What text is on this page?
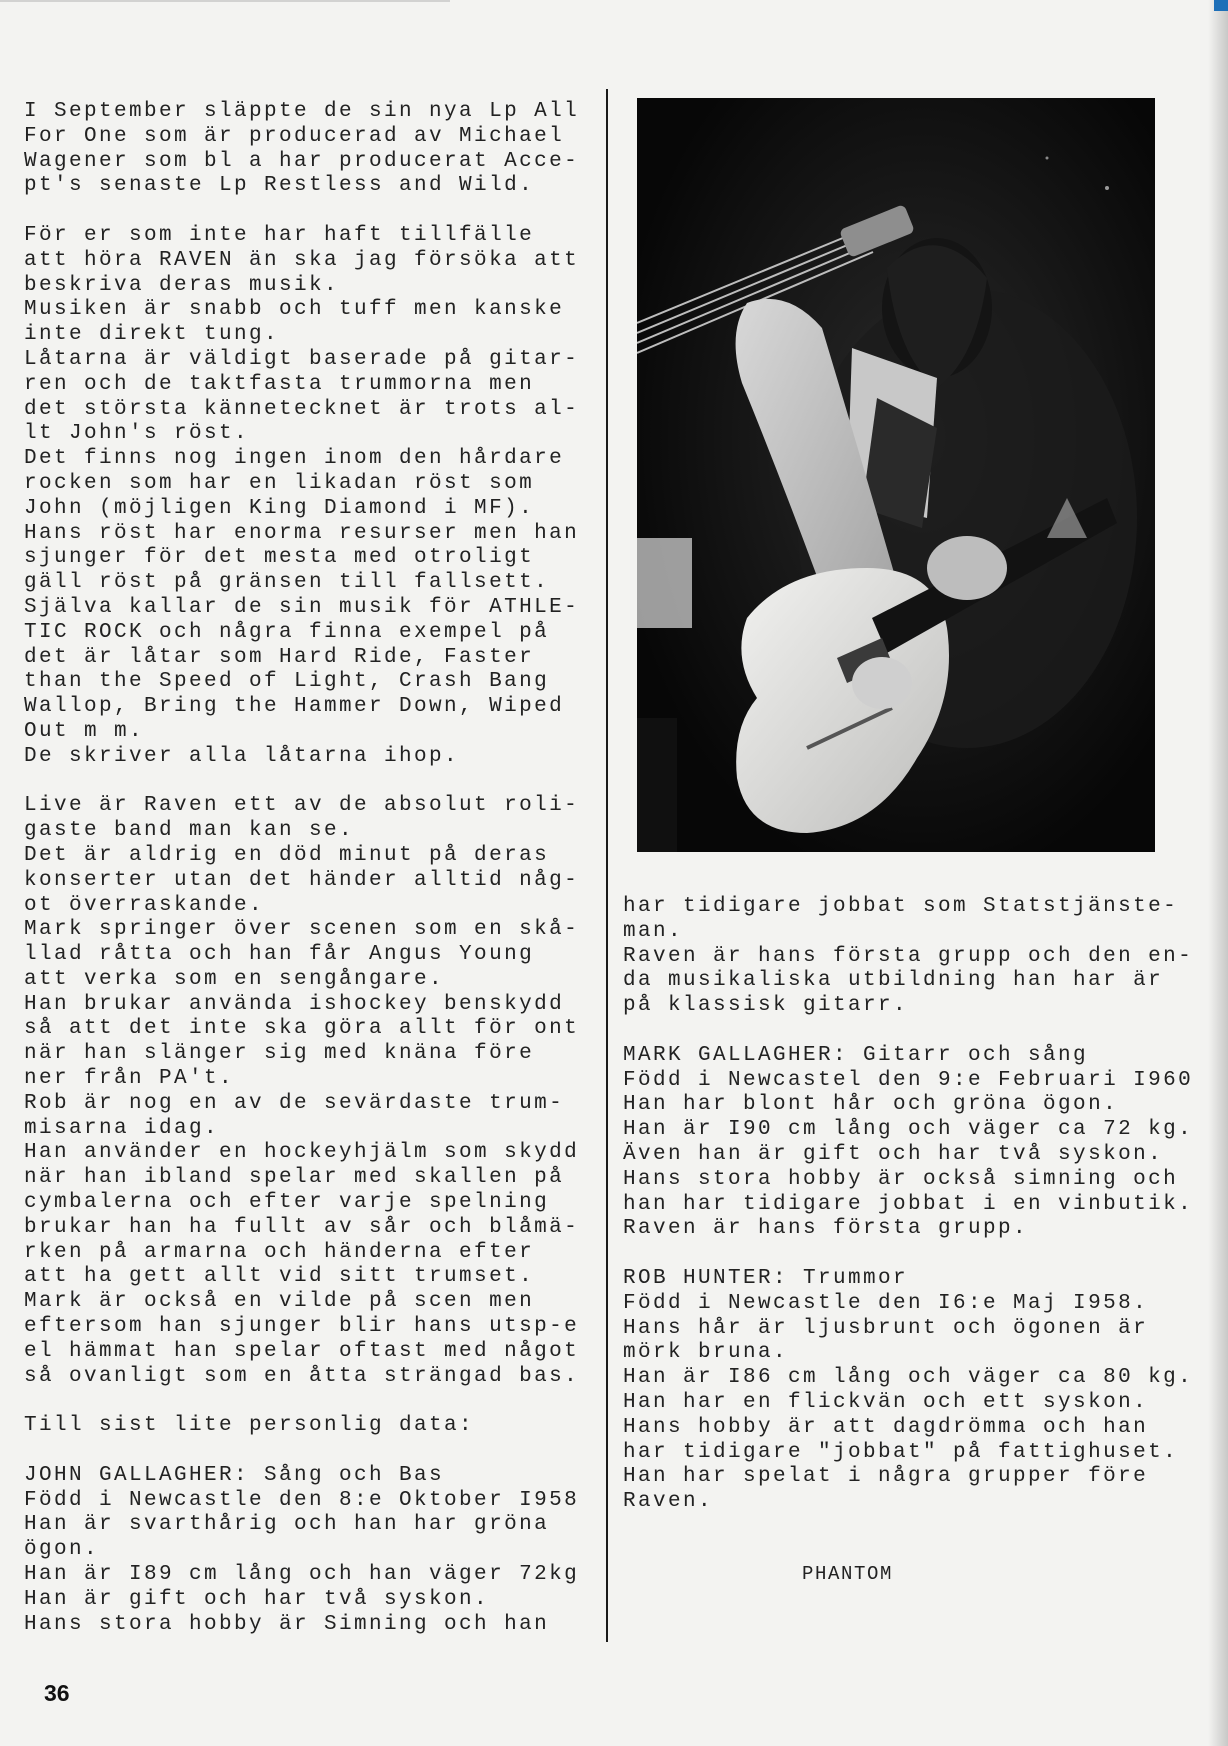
I September släppte de sin nya Lp All
For One som är producerad av Michael
Wagener som bl a har producerat Acce-
pt's senaste Lp Restless and Wild.
För er som inte har haft tillfälle
att höra RAVEN än ska jag försöka att
beskriva deras musik.
Musiken är snabb och tuff men kanske
inte direkt tung.
Låtarna är väldigt baserade på gitar-
ren och de taktfasta trummorna men
det största kännetecknet är trots al-
lt John's röst.
Det finns nog ingen inom den hårdare
rocken som har en likadan röst som
John (möjligen King Diamond i MF).
Hans röst har enorma resurser men han
sjunger för det mesta med otroligt
gäll röst på gränsen till fallsett.
Själva kallar de sin musik för ATHLE-
TIC ROCK och några finna exempel på
det är låtar som Hard Ride, Faster
than the Speed of Light, Crash Bang
Wallop, Bring the Hammer Down, Wiped
Out m m.
De skriver alla låtarna ihop.
Live är Raven ett av de absolut roli-
gaste band man kan se.
Det är aldrig en död minut på deras
konserter utan det händer alltid någ-
ot överraskande.
Mark springer över scenen som en skå-
llad råtta och han får Angus Young
att verka som en sengångare.
Han brukar använda ishockey benskydd
så att det inte ska göra allt för ont
när han slänger sig med knäna före
ner från PA't.
Rob är nog en av de sevärdaste trum-
misarna idag.
Han använder en hockeyhjälm som skydd
när han ibland spelar med skallen på
cymbalerna och efter varje spelning
brukar han ha fullt av sår och blåmä-
rken på armarna och händerna efter
att ha gett allt vid sitt trumset.
Mark är också en vilde på scen men
eftersom han sjunger blir hans utsp-e
el hämmat han spelar oftast med något
så ovanligt som en åtta strängad bas.
Till sist lite personlig data:
JOHN GALLAGHER: Sång och Bas
Född i Newcastle den 8:e Oktober I958
Han är svarthårig och han har gröna
ögon.
Han är I89 cm lång och han väger 72kg
Han är gift och har två syskon.
Hans stora hobby är Simning och han
har tidigare jobbat som Statstjänste-
man.
Raven är hans första grupp och den en-
da musikaliska utbildning han har är
på klassisk gitarr.
MARK GALLAGHER: Gitarr och sång
Född i Newcastel den 9:e Februari I960
Han har blont hår och gröna ögon.
Han är I90 cm lång och väger ca 72 kg.
Även han är gift och har två syskon.
Hans stora hobby är också simning och
han har tidigare jobbat i en vinbutik.
Raven är hans första grupp.
ROB HUNTER: Trummor
Född i Newcastle den I6:e Maj I958.
Hans hår är ljusbrunt och ögonen är
mörk bruna.
Han är I86 cm lång och väger ca 80 kg.
Han har en flickvän och ett syskon.
Hans hobby är att dagdrömma och han
har tidigare "jobbat" på fattighuset.
Han har spelat i några grupper före
Raven.
PHANTOM
36
